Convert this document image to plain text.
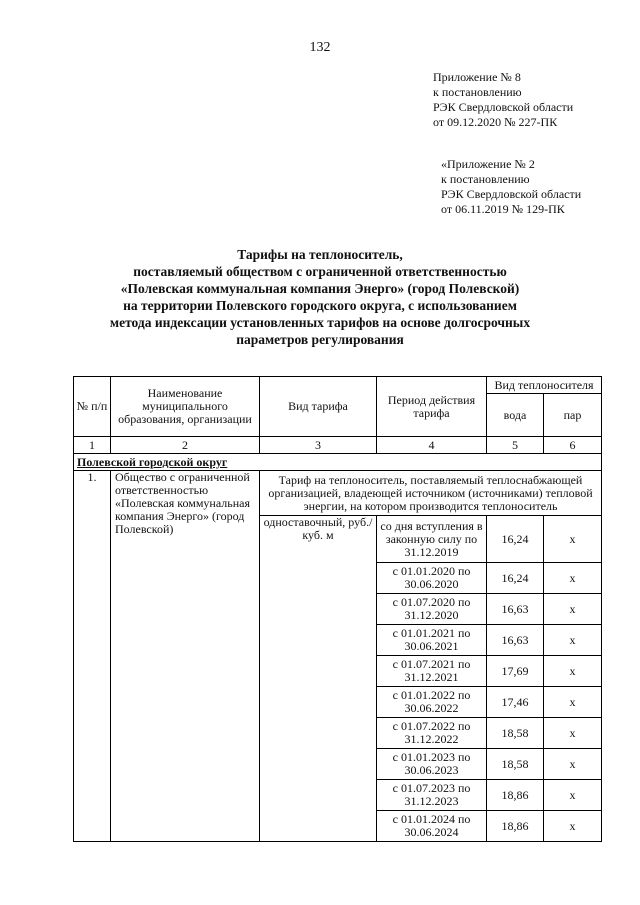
132
Приложение № 8
к постановлению
РЭК Свердловской области
от 09.12.2020 № 227-ПК
«Приложение № 2
к постановлению
РЭК Свердловской области
от 06.11.2019 № 129-ПК
Тарифы на теплоноситель,
поставляемый обществом с ограниченной ответственностью
«Полевская коммунальная компания Энерго» (город Полевской)
на территории Полевского городского округа, с использованием
метода индексации установленных тарифов на основе долгосрочных
параметров регулирования
№ п/п	Наименование муниципального образования, организации	Вид тарифа	Период действия тарифа	Вид теплоносителя	
				вода	пар
1	2	3	4	5	6
Полевской городской округ					
1.	Общество с ограниченной ответственностью «Полевская коммунальная компания Энерго» (город Полевской)	Тариф на теплоноситель, поставляемый теплоснабжающей организацией, владеющей источником (источниками) тепловой энергии, на котором производится теплоноситель			
		одноставочный, руб./куб. м	со дня вступления в законную силу по 31.12.2019	16,24	x
			с 01.01.2020 по 30.06.2020	16,24	x
			с 01.07.2020 по 31.12.2020	16,63	x
			с 01.01.2021 по 30.06.2021	16,63	x
			с 01.07.2021 по 31.12.2021	17,69	x
			с 01.01.2022 по 30.06.2022	17,46	x
			с 01.07.2022 по 31.12.2022	18,58	x
			с 01.01.2023 по 30.06.2023	18,58	x
			с 01.07.2023 по 31.12.2023	18,86	x
			с 01.01.2024 по 30.06.2024	18,86	x
